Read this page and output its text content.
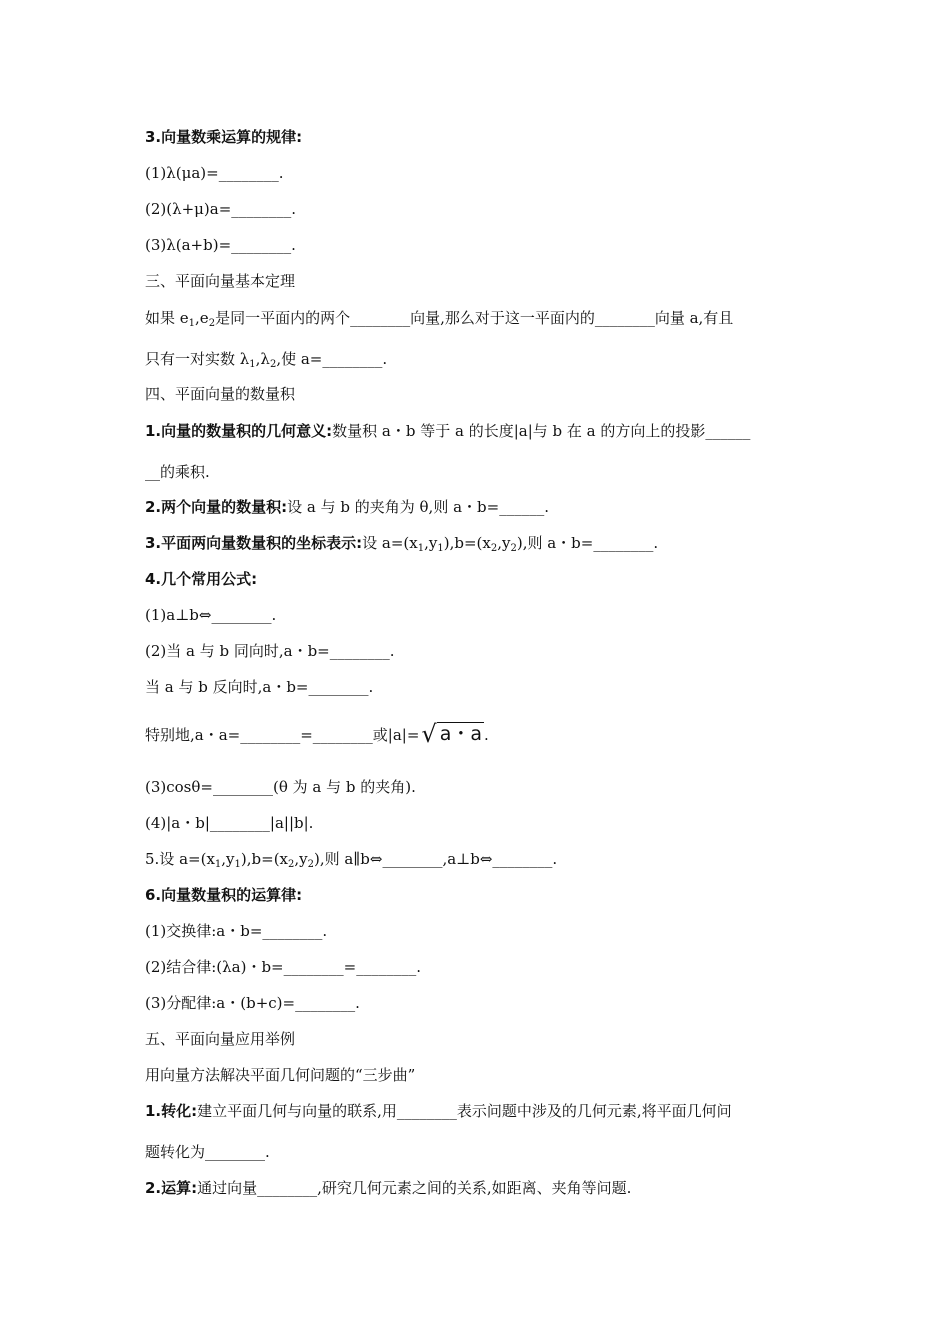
3.向量数乘运算的规律:
(1)λ(μa)=________.
(2)(λ+μ)a=________.
(3)λ(a+b)=________.
三、平面向量基本定理
如果 $e_1,e_2$是同一平面内的两个________向量,那么对于这一平面内的________向量 a,有且
只有一对实数 $\lambda_1,\lambda_2$,使 a=________.
四、平面向量的数量积
1.向量的数量积的几何意义:数量积 a・b 等于 a 的长度|a|与 b 在 a 的方向上的投影______
__的乘积.
2.两个向量的数量积:设 a 与 b 的夹角为 θ,则 a・b=______.
3.平面两向量数量积的坐标表示:设 $a=(x_1,y_1),b=(x_2,y_2)$,则 a・b=________.
4.几个常用公式:
(1)a⊥b⇔________.
(2)当 a 与 b 同向时,a・b=________.
当 a 与 b 反向时,a・b=________.
特别地,a・a=________=________或|a|=√ a・a .
(3)cosθ=________(θ 为 a 与 b 的夹角).
(4)|a・b|________|a||b|.
5.设 $a=(x_1,y_1),b=(x_2,y_2)$,则 a∥b⇔________,a⊥b⇔________.
6.向量数量积的运算律:
(1)交换律:a・b=________.
(2)结合律:(λa)・b=________=________.
(3)分配律:a・(b+c)=________.
五、平面向量应用举例
用向量方法解决平面几何问题的“三步曲”
1.转化:建立平面几何与向量的联系,用________表示问题中涉及的几何元素,将平面几何问
题转化为________.
2.运算:通过向量________,研究几何元素之间的关系,如距离、夹角等问题.
